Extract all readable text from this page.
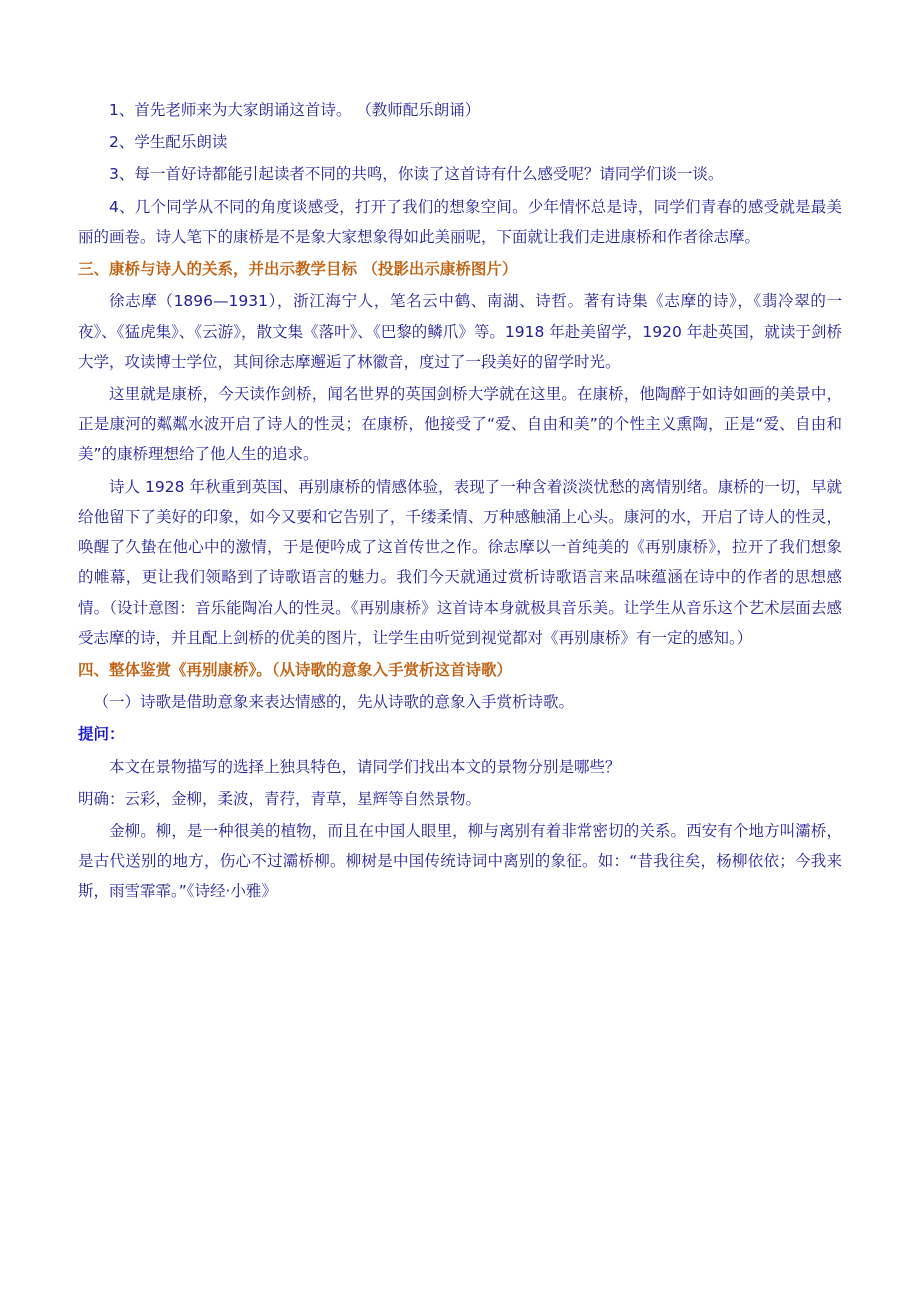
1、首先老师来为大家朗诵这首诗。 （教师配乐朗诵）

2、学生配乐朗读

3、每一首好诗都能引起读者不同的共鸣，你读了这首诗有什么感受呢？请同学们谈一谈。

4、几个同学从不同的角度谈感受，打开了我们的想象空间。少年情怀总是诗，同学们青春的感受就是最美丽的画卷。诗人笔下的康桥是不是象大家想象得如此美丽呢，下面就让我们走进康桥和作者徐志摩。

三、康桥与诗人的关系，并出示教学目标 （投影出示康桥图片）

徐志摩（1896—1931），浙江海宁人，笔名云中鹤、南湖、诗哲。著有诗集《志摩的诗》，《翡冷翠的一夜》、《猛虎集》、《云游》，散文集《落叶》、《巴黎的鳞爪》等。1918 年赴美留学，1920 年赴英国，就读于剑桥大学，攻读博士学位，其间徐志摩邂逅了林徽音，度过了一段美好的留学时光。

这里就是康桥，今天读作剑桥，闻名世界的英国剑桥大学就在这里。在康桥，他陶醉于如诗如画的美景中，正是康河的粼粼水波开启了诗人的性灵；在康桥，他接受了“爱、自由和美”的个性主义熏陶，正是“爱、自由和美”的康桥理想给了他人生的追求。

诗人 1928 年秋重到英国、再别康桥的情感体验，表现了一种含着淡淡忧愁的离情别绪。康桥的一切，早就给他留下了美好的印象，如今又要和它告别了，千缕柔情、万种感触涌上心头。康河的水，开启了诗人的性灵，唤醒了久蛰在他心中的激情，于是便吟成了这首传世之作。徐志摩以一首纯美的《再别康桥》，拉开了我们想象的帷幕，更让我们领略到了诗歌语言的魅力。我们今天就通过赏析诗歌语言来品味蕴涵在诗中的作者的思想感情。（设计意图：音乐能陶冶人的性灵。《再别康桥》这首诗本身就极具音乐美。让学生从音乐这个艺术层面去感受志摩的诗，并且配上剑桥的优美的图片，让学生由听觉到视觉都对《再别康桥》有一定的感知。）

四、整体鉴赏《再别康桥》。（从诗歌的意象入手赏析这首诗歌）

（一）诗歌是借助意象来表达情感的，先从诗歌的意象入手赏析诗歌。

提问：

本文在景物描写的选择上独具特色，请同学们找出本文的景物分别是哪些？

明确：云彩，金柳，柔波，青荇，青草，星辉等自然景物。

金柳。柳，是一种很美的植物，而且在中国人眼里，柳与离别有着非常密切的关系。西安有个地方叫灞桥，是古代送别的地方，伤心不过灞桥柳。柳树是中国传统诗词中离别的象征。如：“昔我往矣，杨柳依依；今我来斯，雨雪霏霏。”《诗经·小雅》
